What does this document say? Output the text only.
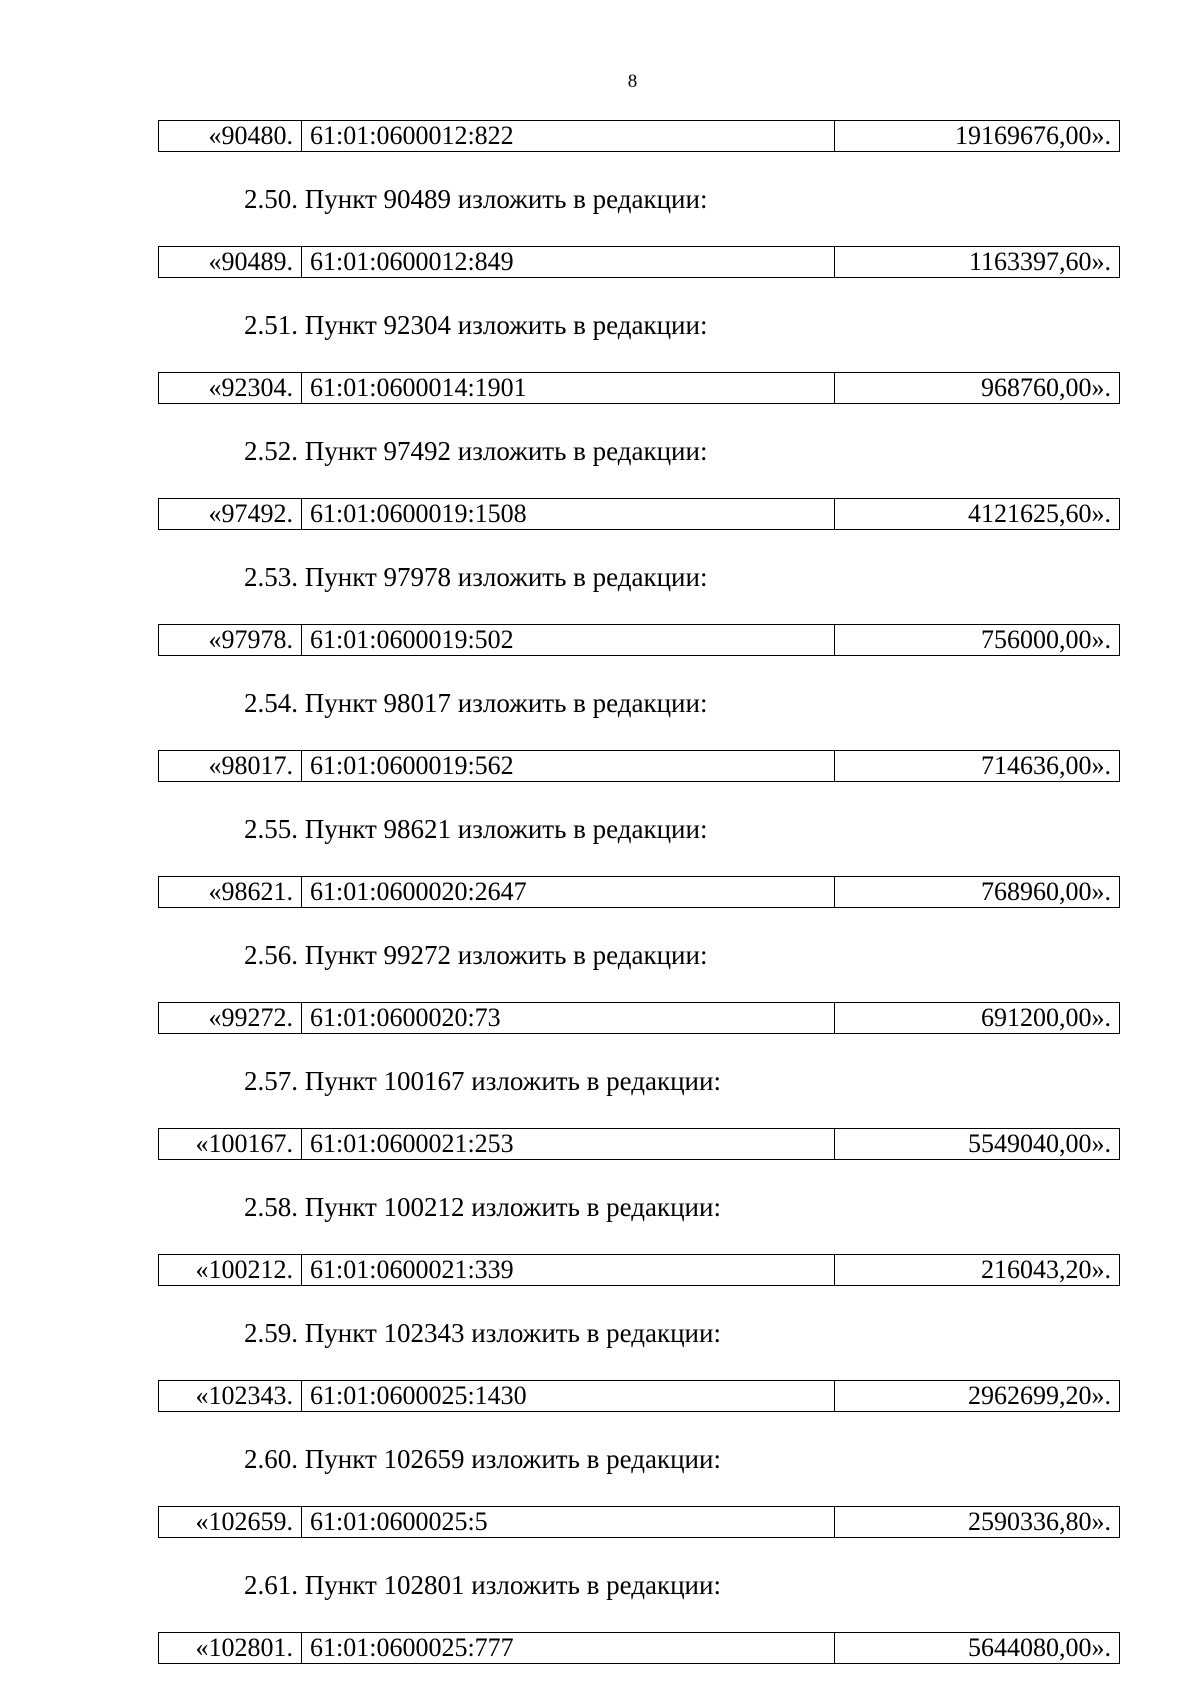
8
«90480.	61:01:0600012:822	19169676,00».
2.50. Пункт 90489 изложить в редакции:
«90489.	61:01:0600012:849	1163397,60».
2.51. Пункт 92304 изложить в редакции:
«92304.	61:01:0600014:1901	968760,00».
2.52. Пункт 97492 изложить в редакции:
«97492.	61:01:0600019:1508	4121625,60».
2.53. Пункт 97978 изложить в редакции:
«97978.	61:01:0600019:502	756000,00».
2.54. Пункт 98017 изложить в редакции:
«98017.	61:01:0600019:562	714636,00».
2.55. Пункт 98621 изложить в редакции:
«98621.	61:01:0600020:2647	768960,00».
2.56. Пункт 99272 изложить в редакции:
«99272.	61:01:0600020:73	691200,00».
2.57. Пункт 100167 изложить в редакции:
«100167.	61:01:0600021:253	5549040,00».
2.58. Пункт 100212 изложить в редакции:
«100212.	61:01:0600021:339	216043,20».
2.59. Пункт 102343 изложить в редакции:
«102343.	61:01:0600025:1430	2962699,20».
2.60. Пункт 102659 изложить в редакции:
«102659.	61:01:0600025:5	2590336,80».
2.61. Пункт 102801 изложить в редакции:
«102801.	61:01:0600025:777	5644080,00».
